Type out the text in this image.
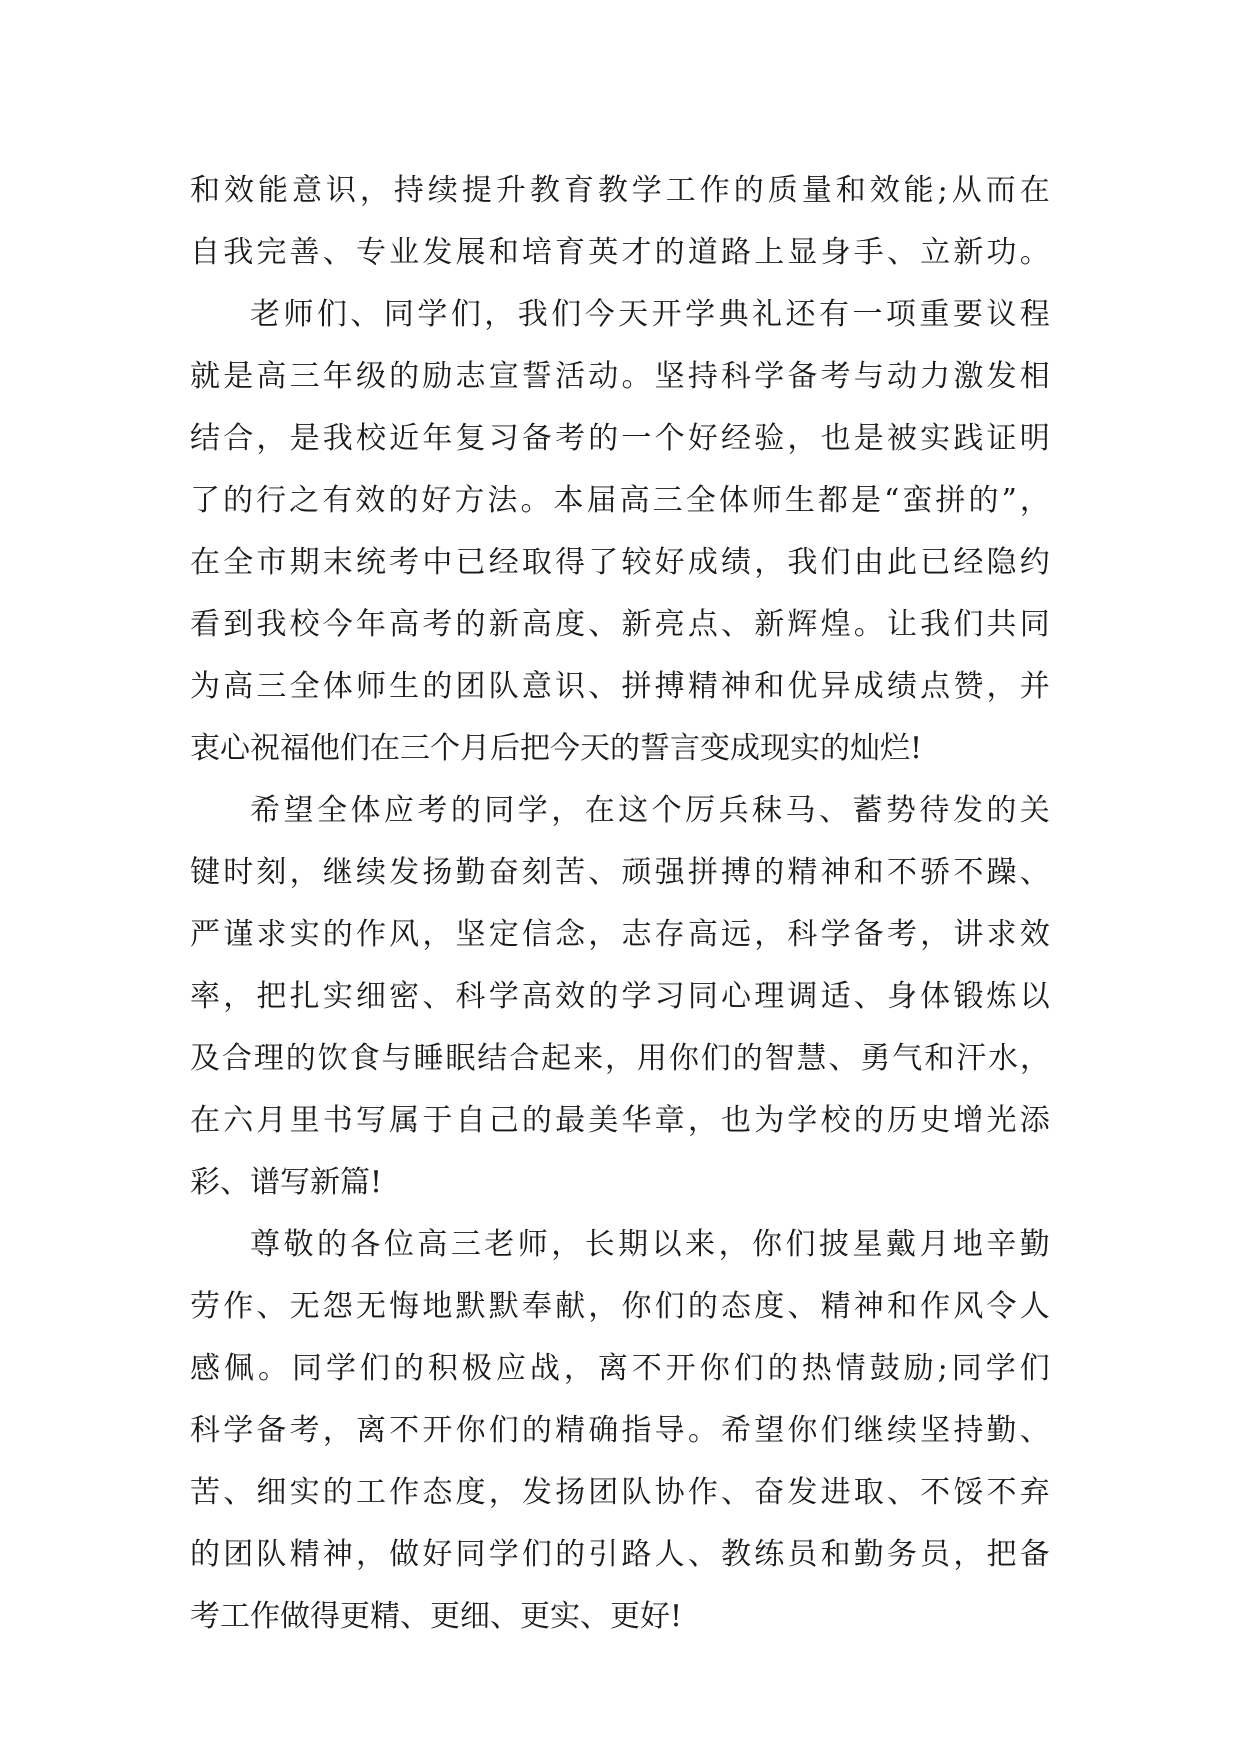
和 效 能 意 识 ， 持 续 提 升 教 育 教 学 工 作 的 质 量 和 效 能 ; 从 而 在
自 我 完 善 、 专 业 发 展 和 培 育 英 才 的 道 路 上 显 身 手 、 立 新 功 。
老 师 们 、 同 学 们 ， 我 们 今 天 开 学 典 礼 还 有 一 项 重 要 议 程
就 是 高 三 年 级 的 励 志 宣 誓 活 动 。 坚 持 科 学 备 考 与 动 力 激 发 相
结 合 ， 是 我 校 近 年 复 习 备 考 的 一 个 好 经 验 ， 也 是 被 实 践 证 明
了 的 行 之 有 效 的 好 方 法 。 本 届 高 三 全 体 师 生 都 是 “ 蛮 拼 的 ” ，
在 全 市 期 末 统 考 中 已 经 取 得 了 较 好 成 绩 ， 我 们 由 此 已 经 隐 约
看 到 我 校 今 年 高 考 的 新 高 度 、 新 亮 点 、 新 辉 煌 。 让 我 们 共 同
为 高 三 全 体 师 生 的 团 队 意 识 、 拼 搏 精 神 和 优 异 成 绩 点 赞 ， 并
衷心祝福他们在三个月后把今天的誓言变成现实的灿烂!
希 望 全 体 应 考 的 同 学 ， 在 这 个 厉 兵 秣 马 、 蓄 势 待 发 的 关
键 时 刻 ， 继 续 发 扬 勤 奋 刻 苦 、 顽 强 拼 搏 的 精 神 和 不 骄 不 躁 、
严 谨 求 实 的 作 风 ， 坚 定 信 念 ， 志 存 高 远 ， 科 学 备 考 ， 讲 求 效
率 ， 把 扎 实 细 密 、 科 学 高 效 的 学 习 同 心 理 调 适 、 身 体 锻 炼 以
及 合 理 的 饮 食 与 睡 眠 结 合 起 来 ， 用 你 们 的 智 慧 、 勇 气 和 汗 水 ，
在 六 月 里 书 写 属 于 自 己 的 最 美 华 章 ， 也 为 学 校 的 历 史 增 光 添
彩、谱写新篇!
尊 敬 的 各 位 高 三 老 师 ， 长 期 以 来 ， 你 们 披 星 戴 月 地 辛 勤
劳 作 、 无 怨 无 悔 地 默 默 奉 献 ， 你 们 的 态 度 、 精 神 和 作 风 令 人
感 佩 。 同 学 们 的 积 极 应 战 ， 离 不 开 你 们 的 热 情 鼓 励 ; 同 学 们
科 学 备 考 ， 离 不 开 你 们 的 精 确 指 导 。 希 望 你 们 继 续 坚 持 勤 、
苦 、 细 实 的 工 作 态 度 ， 发 扬 团 队 协 作 、 奋 发 进 取 、 不 馁 不 弃
的 团 队 精 神 ， 做 好 同 学 们 的 引 路 人 、 教 练 员 和 勤 务 员 ， 把 备
考工作做得更精、更细、更实、更好!
